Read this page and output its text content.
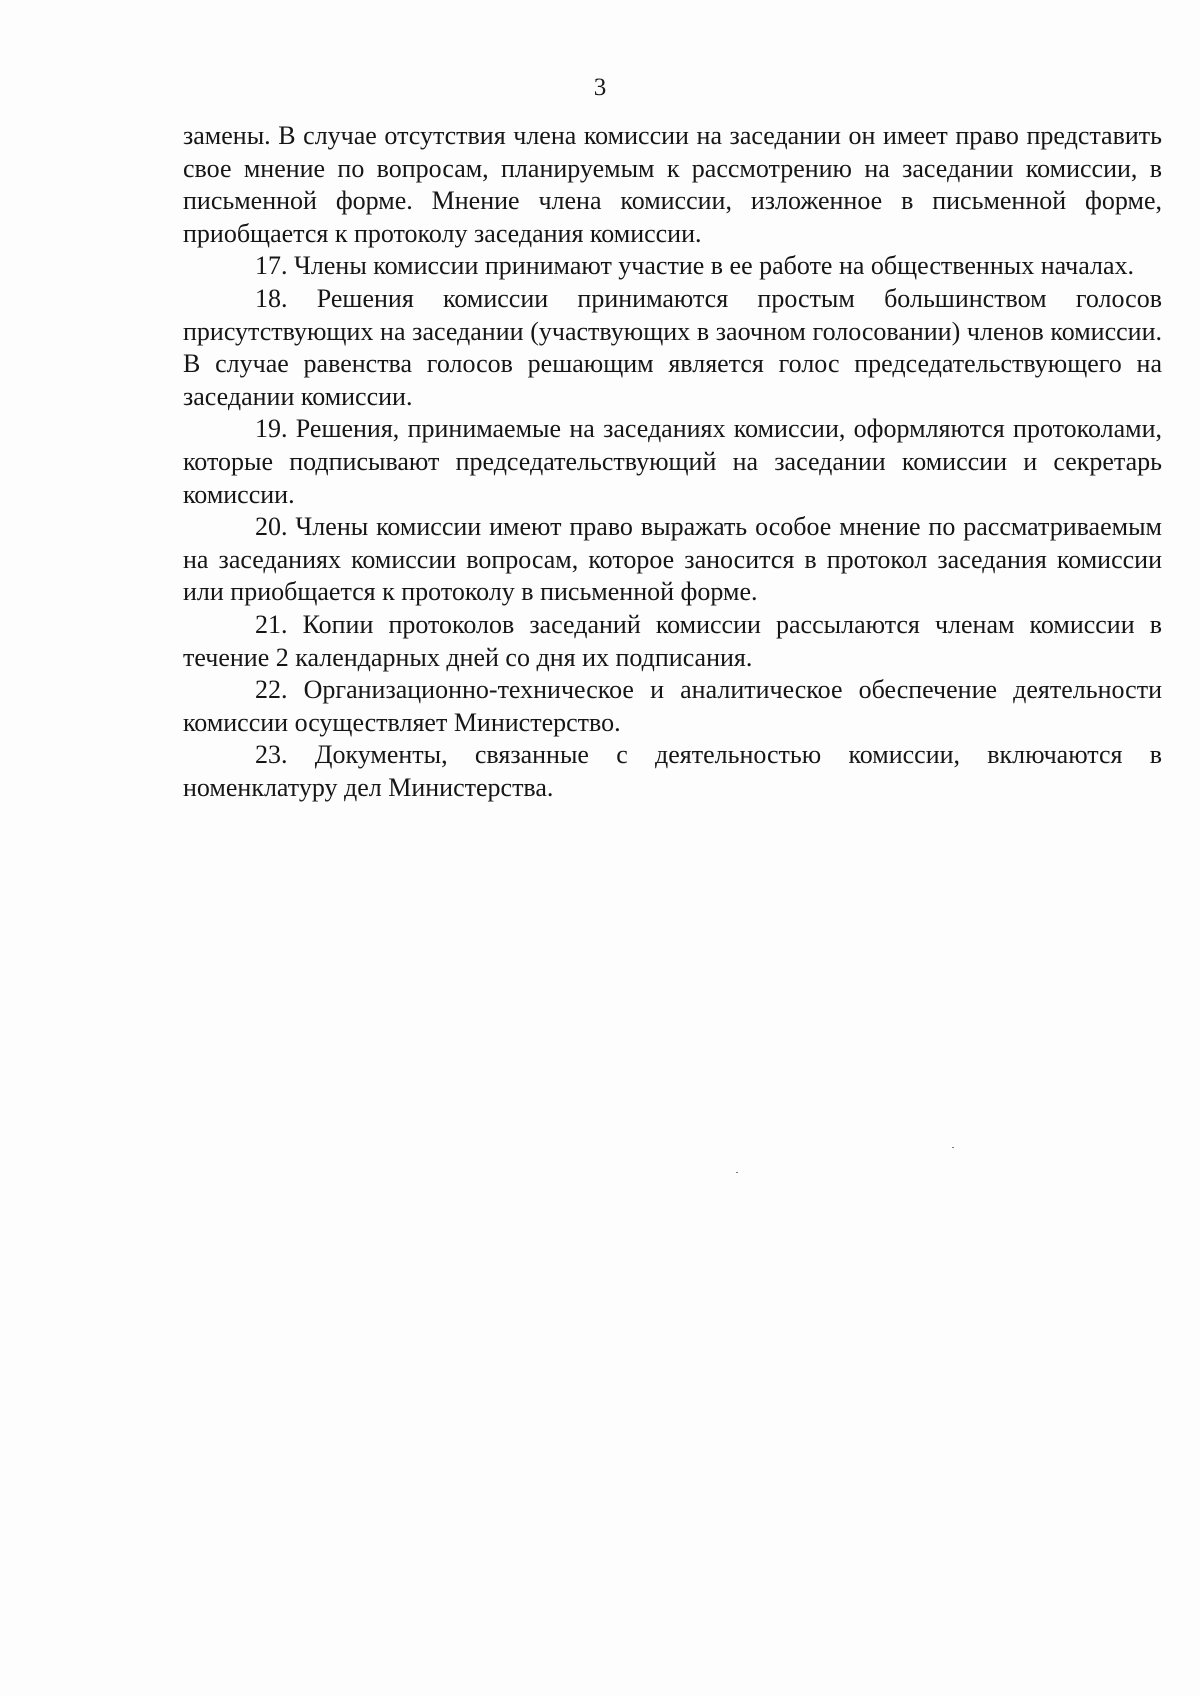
3

замены. В случае отсутствия члена комиссии на заседании он имеет право представить свое мнение по вопросам, планируемым к рассмотрению на заседании комиссии, в письменной форме. Мнение члена комиссии, изложенное в письменной форме, приобщается к протоколу заседания комиссии.

17. Члены комиссии принимают участие в ее работе на общественных началах.

18. Решения комиссии принимаются простым большинством голосов присутствующих на заседании (участвующих в заочном голосовании) членов комиссии. В случае равенства голосов решающим является голос председательствующего на заседании комиссии.

19. Решения, принимаемые на заседаниях комиссии, оформляются протоколами, которые подписывают председательствующий на заседании комиссии и секретарь комиссии.

20. Члены комиссии имеют право выражать особое мнение по рассматриваемым на заседаниях комиссии вопросам, которое заносится в протокол заседания комиссии или приобщается к протоколу в письменной форме.

21. Копии протоколов заседаний комиссии рассылаются членам комиссии в течение 2 календарных дней со дня их подписания.

22. Организационно-техническое и аналитическое обеспечение деятельности комиссии осуществляет Министерство.

23. Документы, связанные с деятельностью комиссии, включаются в номенклатуру дел Министерства.
